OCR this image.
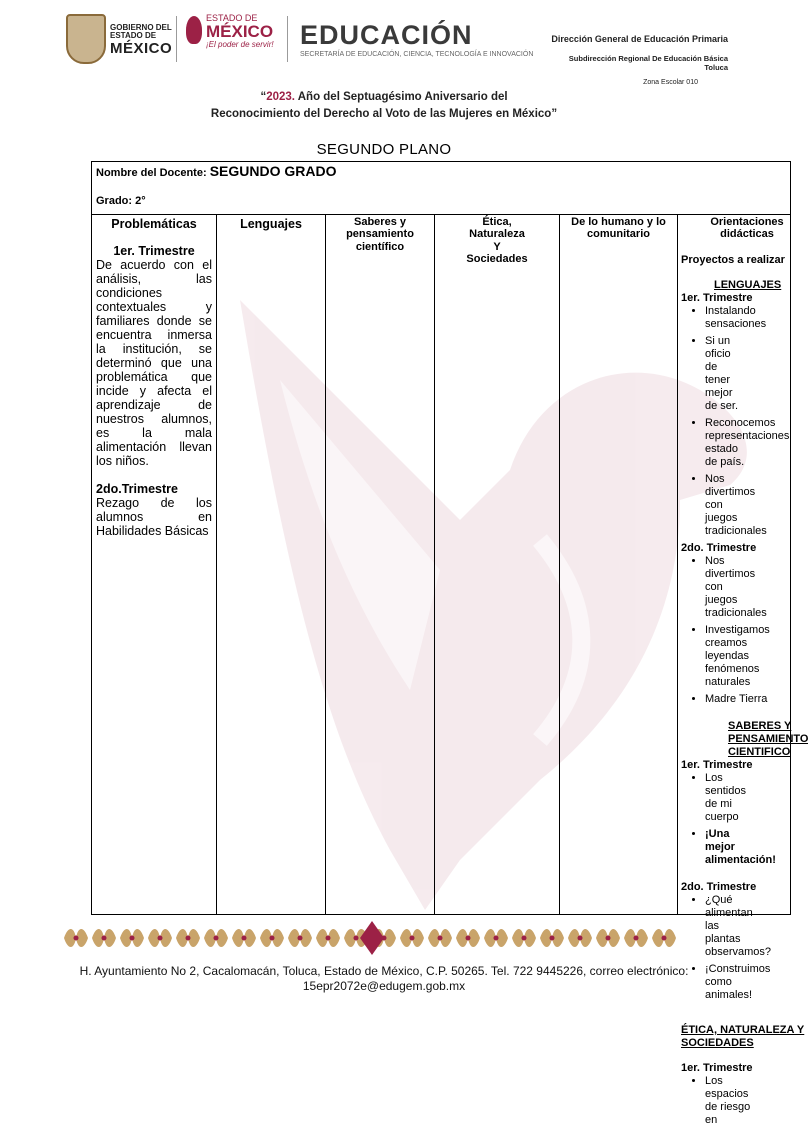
GOBIERNO DEL
ESTADO DE
MÉXICO
ESTADO DE
MÉXICO
¡El poder de servir! EDUCACIÓN
SECRETARÍA DE EDUCACIÓN, CIENCIA, TECNOLOGÍA E INNOVACIÓN
Dirección General de Educación Primaria
Subdirección Regional De Educación Básica
Toluca
Zona Escolar 010
“2023. Año del Septuagésimo Aniversario del
Reconocimiento del Derecho al Voto de las Mujeres en México”
SEGUNDO PLANO
Nombre del Docente: SEGUNDO GRADO
Grado: 2°
Problemáticas	Lenguajes	Saberes y
pensamiento
científico
Ética,
Naturaleza
Y
Sociedades
De lo humano y lo
comunitario
Orientaciones
didácticas
1er. Trimestre
De acuerdo con el análisis, las condiciones contextuales y familiares donde se encuentra inmersa la institución, se determinó que una problemática que incide y afecta el aprendizaje de nuestros alumnos, es la mala alimentación llevan los niños.
2do.Trimestre
Rezago de los alumnos en Habilidades Básicas
Proyectos a realizar
LENGUAJES
1er. Trimestre
• Instalando sensaciones
• Si un oficio de tener mejor de ser.
• Reconocemos representaciones estado de país.
• Nos divertimos con juegos tradicionales
2do. Trimestre
• Nos divertimos con juegos tradicionales
• Investigamos creamos leyendas fenómenos naturales
• Madre Tierra
SABERES Y
PENSAMIENTO
CIENTIFICO
1er. Trimestre
• Los sentidos de mi cuerpo
• ¡Una mejor alimentación!
2do. Trimestre
• ¿Qué alimentan las plantas observamos?
• ¡Construimos como animales!
ÉTICA, NATURALEZA Y
SOCIEDADES
1er. Trimestre
• Los espacios de riesgo en
H. Ayuntamiento No 2, Cacalomacán, Toluca, Estado de México, C.P. 50265. Tel. 722 9445226, correo electrónico:
15epr2072e@edugem.gob.mx
